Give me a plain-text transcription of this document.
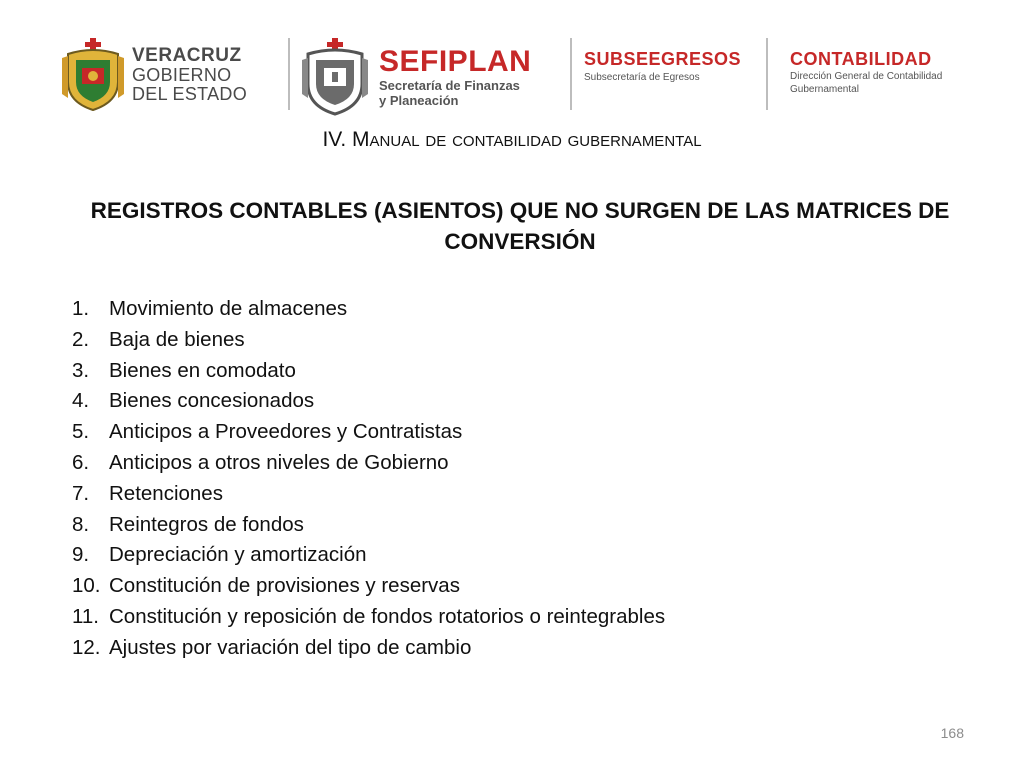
VERACRUZ
GOBIERNO
DEL ESTADO
SEFIPLAN
Secretaría de Finanzas
y Planeación
SUBSEEGRESOS
Subsecretaría de Egresos
CONTABILIDAD
Dirección General de Contabilidad
Gubernamental
IV. Manual de contabilidad gubernamental
REGISTROS CONTABLES (ASIENTOS) QUE NO SURGEN DE LAS MATRICES DE CONVERSIÓN
1. Movimiento de almacenes
2. Baja de bienes
3. Bienes en comodato
4. Bienes concesionados
5. Anticipos a Proveedores y Contratistas
6. Anticipos a otros niveles de Gobierno
7. Retenciones
8. Reintegros de fondos
9. Depreciación y amortización
10. Constitución de provisiones y reservas
11. Constitución y reposición de fondos rotatorios o reintegrables
12. Ajustes por variación del tipo de cambio
168
